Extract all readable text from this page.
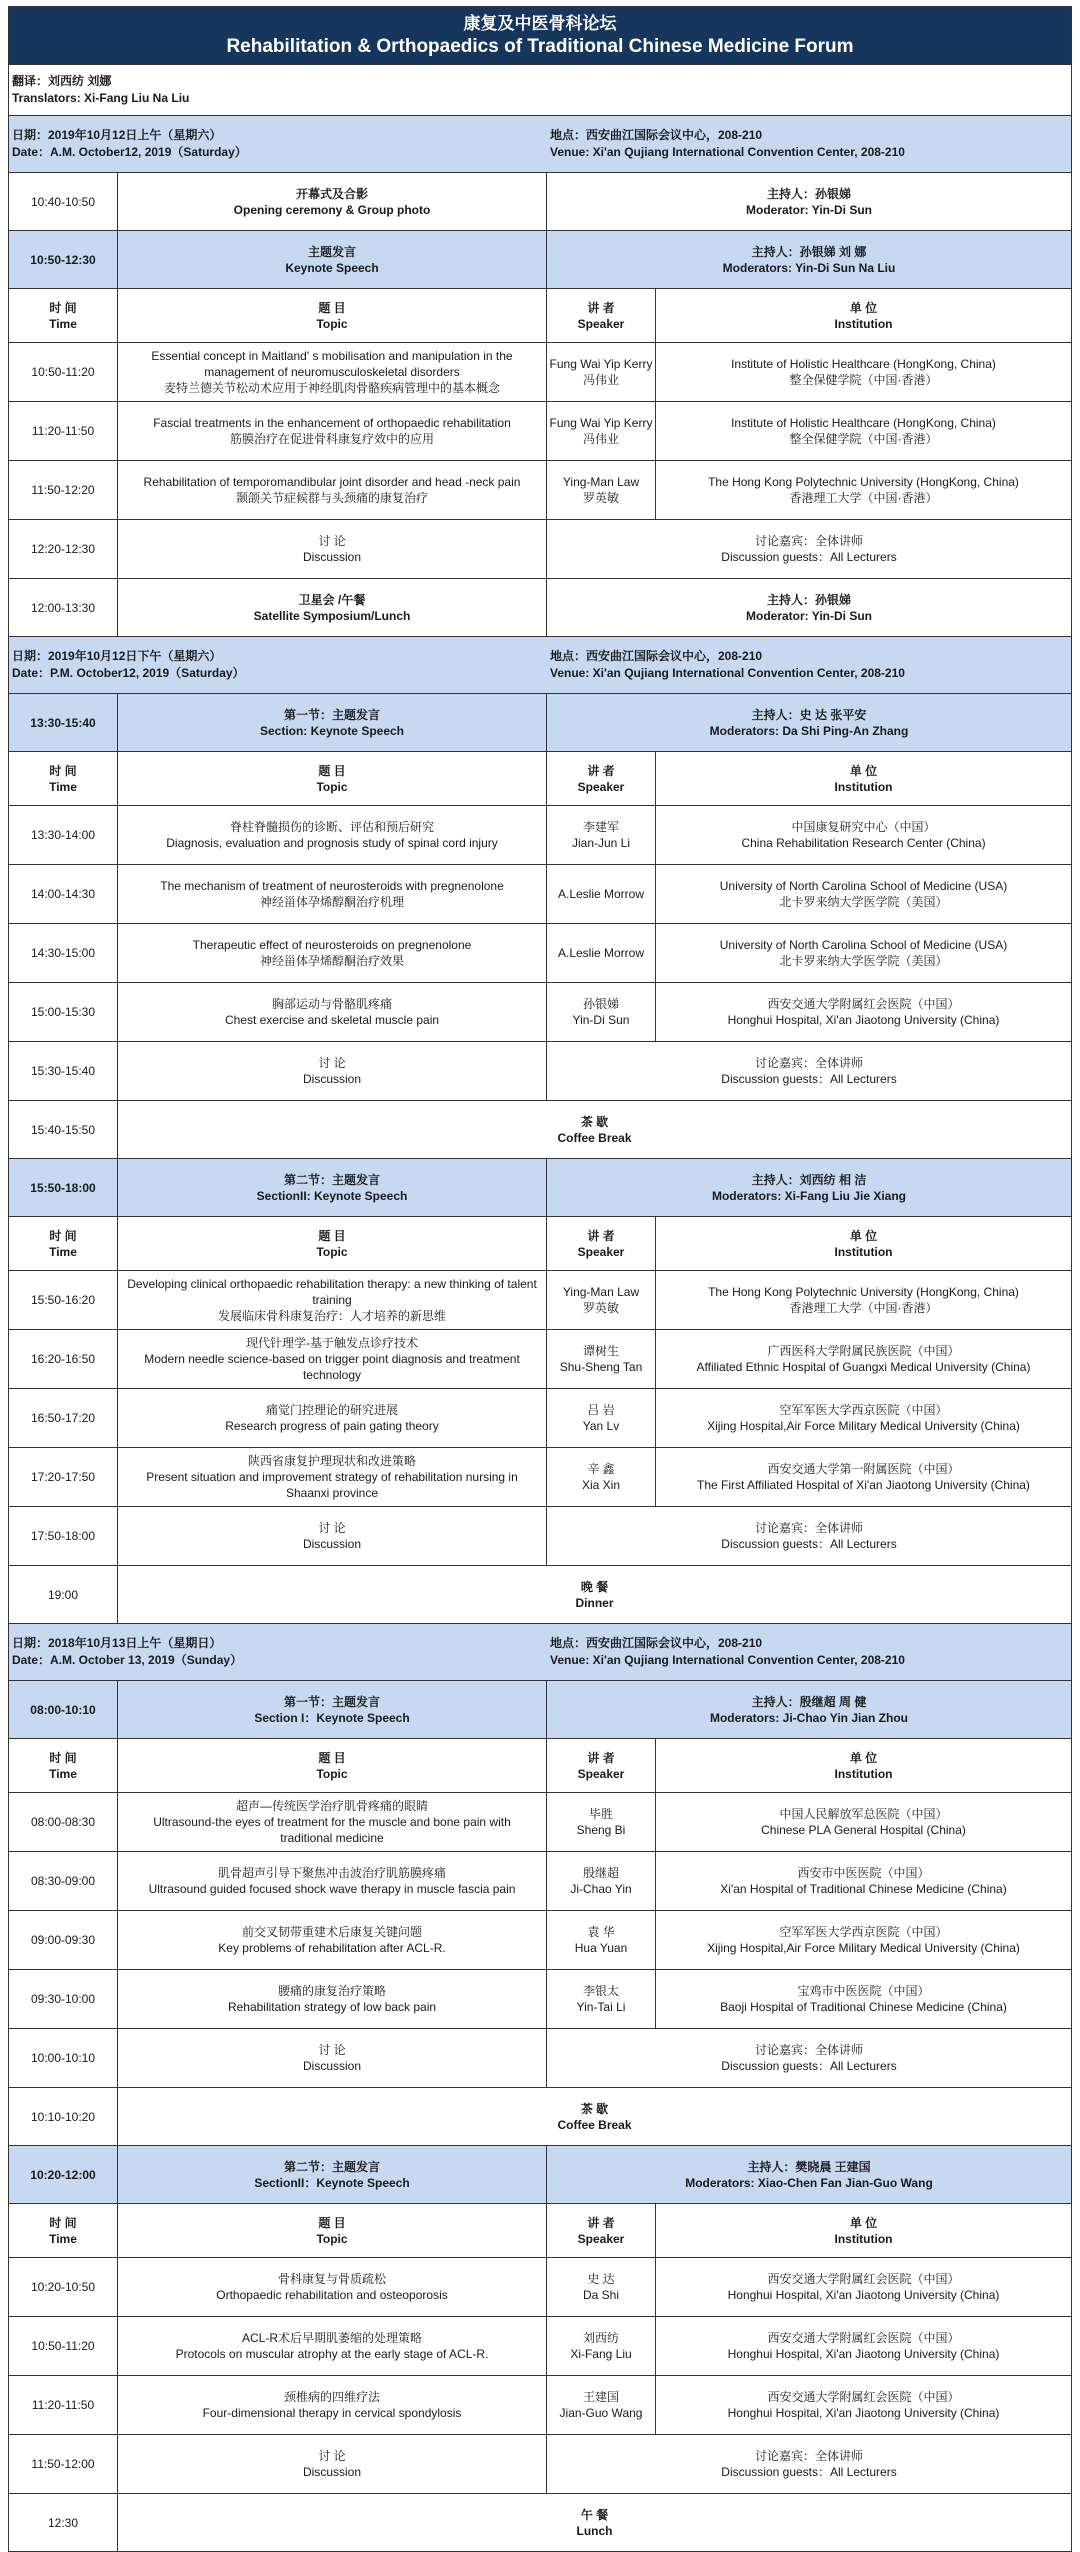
康复及中医骨科论坛
Rehabilitation & Orthopaedics of Traditional Chinese Medicine Forum
翻译：刘西纺 刘娜
Translators: Xi-Fang Liu Na Liu
日期：2019年10月12日上午（星期六）
Date：A.M. October12, 2019（Saturday）
地点：西安曲江国际会议中心，208-210
Venue: Xi'an Qujiang International Convention Center, 208-210
10:40-10:50
开幕式及合影
Opening ceremony & Group photo
主持人：孙银娣
Moderator: Yin-Di Sun
10:50-12:30
主题发言
Keynote Speech
主持人：孙银娣 刘 娜
Moderators: Yin-Di Sun Na Liu
时 间
Time
题 目
Topic
讲 者
Speaker
单 位
Institution
10:50-11:20
Essential concept in Maitland' s mobilisation and manipulation in the
management of neuromusculoskeletal disorders
麦特兰德关节松动术应用于神经肌肉骨骼疾病管理中的基本概念
Fung Wai Yip Kerry
冯伟业
Institute of Holistic Healthcare (HongKong, China)
整全保健学院（中国·香港）
11:20-11:50
Fascial treatments in the enhancement of orthopaedic rehabilitation
筋膜治疗在促进骨科康复疗效中的应用
Fung Wai Yip Kerry
冯伟业
Institute of Holistic Healthcare (HongKong, China)
整全保健学院（中国·香港）
11:50-12:20
Rehabilitation of temporomandibular joint disorder and head -neck pain
颞颌关节症候群与头颈痛的康复治疗
Ying-Man Law
罗英敏
The Hong Kong Polytechnic University (HongKong, China)
香港理工大学（中国·香港）
12:20-12:30
讨 论
Discussion
讨论嘉宾：全体讲师
Discussion guests：All Lecturers
12:00-13:30
卫星会 /午餐
Satellite Symposium/Lunch
主持人：孙银娣
Moderator: Yin-Di Sun
日期：2019年10月12日下午（星期六）
Date：P.M. October12, 2019（Saturday）
地点：西安曲江国际会议中心，208-210
Venue: Xi'an Qujiang International Convention Center, 208-210
13:30-15:40
第一节：主题发言
Section: Keynote Speech
主持人：史 达 张平安
Moderators: Da Shi Ping-An Zhang
时 间
Time
题 目
Topic
讲 者
Speaker
单 位
Institution
13:30-14:00
脊柱脊髓损伤的诊断、评估和预后研究
Diagnosis, evaluation and prognosis study of spinal cord injury
李建军
Jian-Jun Li
中国康复研究中心（中国）
China Rehabilitation Research Center (China)
14:00-14:30
The mechanism of treatment of neurosteroids with pregnenolone
神经甾体孕烯醇酮治疗机理
A.Leslie Morrow
University of North Carolina School of Medicine (USA)
北卡罗来纳大学医学院（美国）
14:30-15:00
Therapeutic effect of neurosteroids on pregnenolone
神经甾体孕烯醇酮治疗效果
A.Leslie Morrow
University of North Carolina School of Medicine (USA)
北卡罗来纳大学医学院（美国）
15:00-15:30
胸部运动与骨骼肌疼痛
Chest exercise and skeletal muscle pain
孙银娣
Yin-Di Sun
西安交通大学附属红会医院（中国）
Honghui Hospital, Xi'an Jiaotong University (China)
15:30-15:40
讨 论
Discussion
讨论嘉宾：全体讲师
Discussion guests：All Lecturers
15:40-15:50
茶 歇
Coffee Break
15:50-18:00
第二节：主题发言
SectionII: Keynote Speech
主持人：刘西纺 相 洁
Moderators: Xi-Fang Liu Jie Xiang
时 间
Time
题 目
Topic
讲 者
Speaker
单 位
Institution
15:50-16:20
Developing clinical orthopaedic rehabilitation therapy: a new thinking of talent
training
发展临床骨科康复治疗：人才培养的新思维
Ying-Man Law
罗英敏
The Hong Kong Polytechnic University (HongKong, China)
香港理工大学（中国·香港）
16:20-16:50
现代针理学-基于触发点诊疗技术
Modern needle science-based on trigger point diagnosis and treatment
technology
谭树生
Shu-Sheng Tan
广西医科大学附属民族医院（中国）
Affiliated Ethnic Hospital of Guangxi Medical University (China)
16:50-17:20
痛觉门控理论的研究进展
Research progress of pain gating theory
吕 岩
Yan Lv
空军军医大学西京医院（中国）
Xijing Hospital,Air Force Military Medical University (China)
17:20-17:50
陕西省康复护理现状和改进策略
Present situation and improvement strategy of rehabilitation nursing in
Shaanxi province
辛 鑫
Xia Xin
西安交通大学第一附属医院（中国）
The First Affiliated Hospital of Xi'an Jiaotong University (China)
17:50-18:00
讨 论
Discussion
讨论嘉宾：全体讲师
Discussion guests：All Lecturers
19:00
晚 餐
Dinner
日期：2018年10月13日上午（星期日）
Date：A.M. October 13, 2019（Sunday）
地点：西安曲江国际会议中心，208-210
Venue: Xi'an Qujiang International Convention Center, 208-210
08:00-10:10
第一节：主题发言
Section I：Keynote Speech
主持人：殷继超 周 健
Moderators: Ji-Chao Yin Jian Zhou
时 间
Time
题 目
Topic
讲 者
Speaker
单 位
Institution
08:00-08:30
超声—传统医学治疗肌骨疼痛的眼睛
Ultrasound-the eyes of treatment for the muscle and bone pain with
traditional medicine
毕胜
Sheng Bi
中国人民解放军总医院（中国）
Chinese PLA General Hospital (China)
08:30-09:00
肌骨超声引导下聚焦冲击波治疗肌筋膜疼痛
Ultrasound guided focused shock wave therapy in muscle fascia pain
殷继超
Ji-Chao Yin
西安市中医医院（中国）
Xi'an Hospital of Traditional Chinese Medicine (China)
09:00-09:30
前交叉韧带重建术后康复关键问题
Key problems of rehabilitation after ACL-R.
袁 华
Hua Yuan
空军军医大学西京医院（中国）
Xijing Hospital,Air Force Military Medical University (China)
09:30-10:00
腰痛的康复治疗策略
Rehabilitation strategy of low back pain
李银太
Yin-Tai Li
宝鸡市中医医院（中国）
Baoji Hospital of Traditional Chinese Medicine (China)
10:00-10:10
讨 论
Discussion
讨论嘉宾：全体讲师
Discussion guests：All Lecturers
10:10-10:20
茶 歇
Coffee Break
10:20-12:00
第二节：主题发言
SectionII：Keynote Speech
主持人：樊晓晨 王建国
Moderators: Xiao-Chen Fan Jian-Guo Wang
时 间
Time
题 目
Topic
讲 者
Speaker
单 位
Institution
10:20-10:50
骨科康复与骨质疏松
Orthopaedic rehabilitation and osteoporosis
史 达
Da Shi
西安交通大学附属红会医院（中国）
Honghui Hospital, Xi'an Jiaotong University (China)
10:50-11:20
ACL-R术后早期肌萎缩的处理策略
Protocols on muscular atrophy at the early stage of ACL-R.
刘西纺
Xi-Fang Liu
西安交通大学附属红会医院（中国）
Honghui Hospital, Xi'an Jiaotong University (China)
11:20-11:50
颈椎病的四维疗法
Four-dimensional therapy in cervical spondylosis
王建国
Jian-Guo Wang
西安交通大学附属红会医院（中国）
Honghui Hospital, Xi'an Jiaotong University (China)
11:50-12:00
讨 论
Discussion
讨论嘉宾：全体讲师
Discussion guests：All Lecturers
12:30
午 餐
Lunch
